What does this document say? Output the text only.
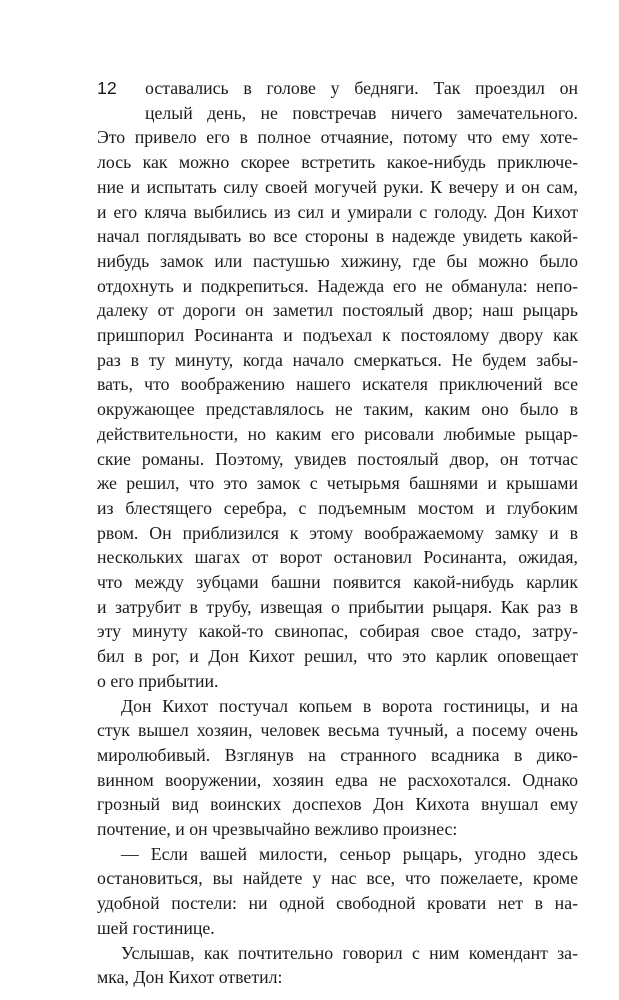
12 оставались в голове у бедняги. Так проездил он
целый день, не повстречав ничего замечательного.
Это привело его в полное отчаяние, потому что ему хоте-
лось как можно скорее встретить какое-нибудь приключе-
ние и испытать силу своей могучей руки. К вечеру и он сам,
и его кляча выбились из сил и умирали с голоду. Дон Кихот
начал поглядывать во все стороны в надежде увидеть какой-
нибудь замок или пастушью хижину, где бы можно было
отдохнуть и подкрепиться. Надежда его не обманула: непо-
далеку от дороги он заметил постоялый двор; наш рыцарь
пришпорил Росинанта и подъехал к постоялому двору как
раз в ту минуту, когда начало смеркаться. Не будем забы-
вать, что воображению нашего искателя приключений все
окружающее представлялось не таким, каким оно было в
действительности, но каким его рисовали любимые рыцар-
ские романы. Поэтому, увидев постоялый двор, он тотчас
же решил, что это замок с четырьмя башнями и крышами
из блестящего серебра, с подъемным мостом и глубоким
рвом. Он приблизился к этому воображаемому замку и в
нескольких шагах от ворот остановил Росинанта, ожидая,
что между зубцами башни появится какой-нибудь карлик
и затрубит в трубу, извещая о прибытии рыцаря. Как раз в
эту минуту какой-то свинопас, собирая свое стадо, затру-
бил в рог, и Дон Кихот решил, что это карлик оповещает
о его прибытии.
Дон Кихот постучал копьем в ворота гостиницы, и на
стук вышел хозяин, человек весьма тучный, а посему очень
миролюбивый. Взглянув на странного всадника в дико-
винном вооружении, хозяин едва не расхохотался. Однако
грозный вид воинских доспехов Дон Кихота внушал ему
почтение, и он чрезвычайно вежливо произнес:
— Если вашей милости, сеньор рыцарь, угодно здесь
остановиться, вы найдете у нас все, что пожелаете, кроме
удобной постели: ни одной свободной кровати нет в на-
шей гостинице.
Услышав, как почтительно говорил с ним комендант за-
мка, Дон Кихот ответил:
